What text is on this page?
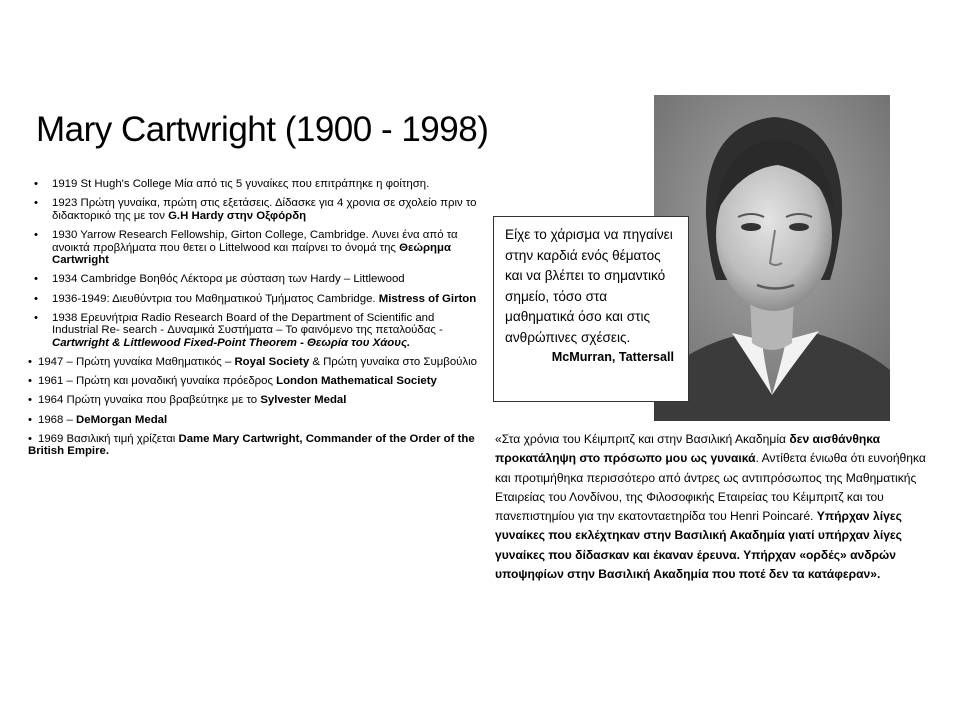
Mary Cartwright (1900 - 1998)
•	1919 St Hugh's College Μία από τις 5 γυναίκες που επιτράπηκε η φοίτηση.
•	1923 Πρώτη γυναίκα, πρώτη στις εξετάσεις. Δίδασκε για 4 χρονια σε σχολείο πριν το διδακτορικό της με τον G.H Hardy στην Οξφόρδη
•	1930 Yarrow Research Fellowship, Girton College, Cambridge. Λυνει ένα από τα ανοικτά προβλήματα που θετει ο Littelwood και παίρνει το όνομά της Θεώρημα Cartwright
•	1934 Cambridge Βοηθός Λέκτορα με σύσταση των Hardy – Littlewood
•	1936-1949: Διευθύντρια του Μαθηματικού Τμήματος Cambridge. Mistress of Girton
•	1938 Ερευνήτρια Radio Research Board of the Department of Scientific and Industrial Re- search - Δυναμικά Συστήματα – Το φαινόμενο της πεταλούδας - Cartwright & Littlewood Fixed-Point Theorem - Θεωρία του Χάους.
• 1947 – Πρώτη γυναίκα Μαθηματικός – Royal Society & Πρώτη γυναίκα στο Συμβούλιο
• 1961 – Πρώτη και μοναδική γυναίκα πρόεδρος London Mathematical Society
• 1964 Πρώτη γυναίκα που βραβεύτηκε με το Sylvester Medal
• 1968 – DeMorgan Medal
• 1969 Βασιλική τιμή χρίζεται Dame Mary Cartwright, Commander of the Order of the British Empire.
Είχε το χάρισμα να πηγαίνει στην καρδιά ενός θέματος και να βλέπει το σημαντικό σημείο, τόσο στα μαθηματικά όσο και στις ανθρώπινες σχέσεις.
McMurran, Tattersall
«Στα χρόνια του Κέιμπριτζ και στην Βασιλική Ακαδημία δεν αισθάνθηκα προκατάληψη στο πρόσωπο μου ως γυναικά. Αντίθετα ένιωθα ότι ευνοήθηκα και προτιμήθηκα περισσότερο από άντρες ως αντιπρόσωπος της Μαθηματικής Εταιρείας του Λονδίνου, της Φιλοσοφικής Εταιρείας του Κέιμπριτζ και του πανεπιστημίου για την εκατονταετηρίδα του Henri Poincaré. Υπήρχαν λίγες γυναίκες που εκλέχτηκαν στην Βασιλική Ακαδημία γιατί υπήρχαν λίγες γυναίκες που δίδασκαν και έκαναν έρευνα. Υπήρχαν «ορδές» ανδρών υποψηφίων στην Βασιλική Ακαδημία που ποτέ δεν τα κατάφεραν».
